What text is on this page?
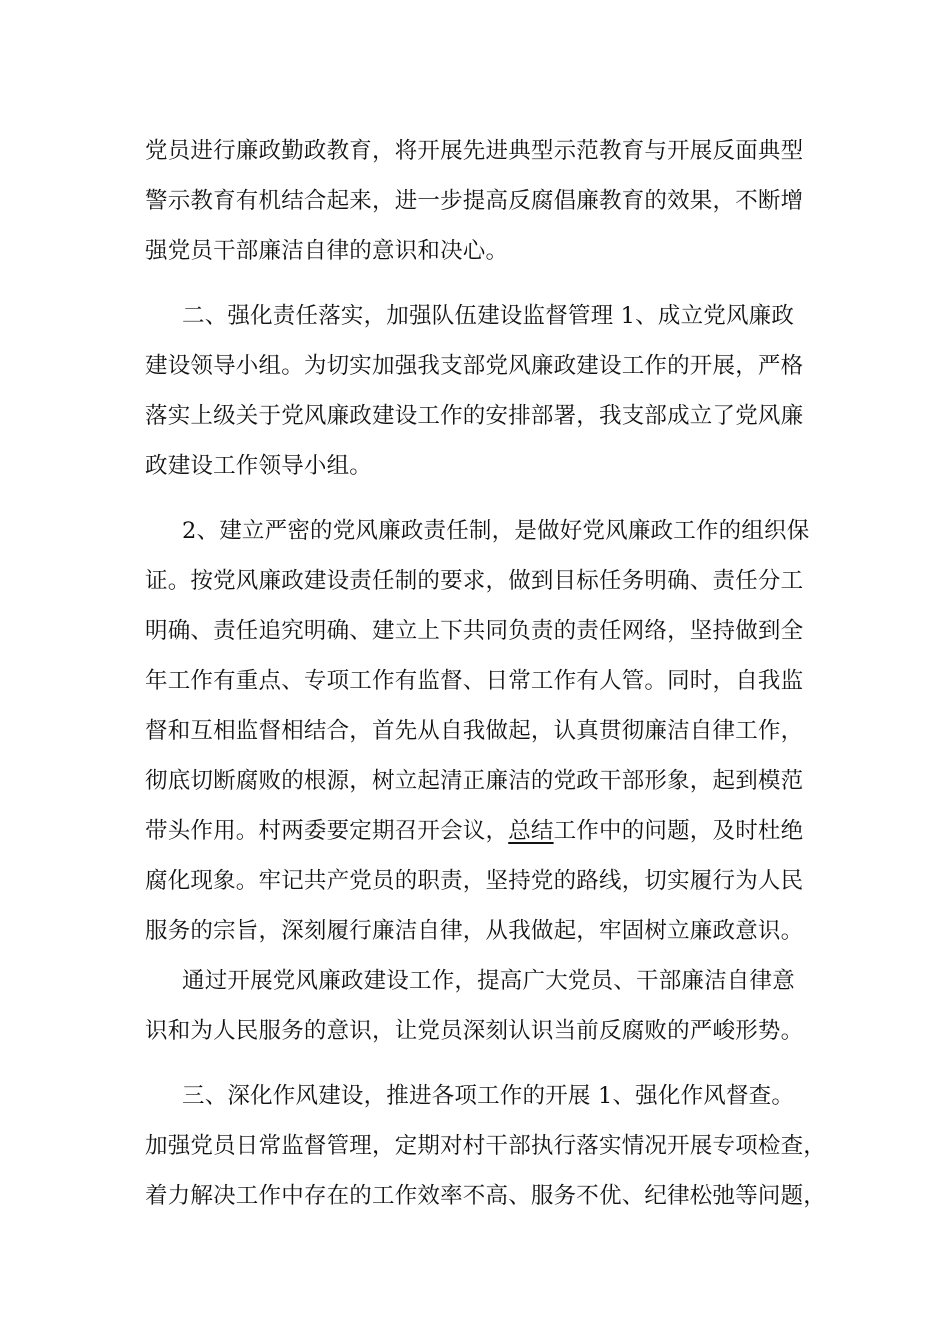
党员进行廉政勤政教育，将开展先进典型示范教育与开展反面典型
警示教育有机结合起来，进一步提高反腐倡廉教育的效果，不断增
强党员干部廉洁自律的意识和决心。
二、强化责任落实，加强队伍建设监督管理 1、成立党风廉政
建设领导小组。为切实加强我支部党风廉政建设工作的开展，严格
落实上级关于党风廉政建设工作的安排部署，我支部成立了党风廉
政建设工作领导小组。
2、建立严密的党风廉政责任制，是做好党风廉政工作的组织保
证。按党风廉政建设责任制的要求，做到目标任务明确、责任分工
明确、责任追究明确、建立上下共同负责的责任网络，坚持做到全
年工作有重点、专项工作有监督、日常工作有人管。同时，自我监
督和互相监督相结合，首先从自我做起，认真贯彻廉洁自律工作，
彻底切断腐败的根源，树立起清正廉洁的党政干部形象，起到模范
带头作用。村两委要定期召开会议，总结工作中的问题，及时杜绝
腐化现象。牢记共产党员的职责，坚持党的路线，切实履行为人民
服务的宗旨，深刻履行廉洁自律，从我做起，牢固树立廉政意识。
通过开展党风廉政建设工作，提高广大党员、干部廉洁自律意
识和为人民服务的意识，让党员深刻认识当前反腐败的严峻形势。
三、深化作风建设，推进各项工作的开展 1、强化作风督查。
加强党员日常监督管理，定期对村干部执行落实情况开展专项检查，
着力解决工作中存在的工作效率不高、服务不优、纪律松弛等问题，
